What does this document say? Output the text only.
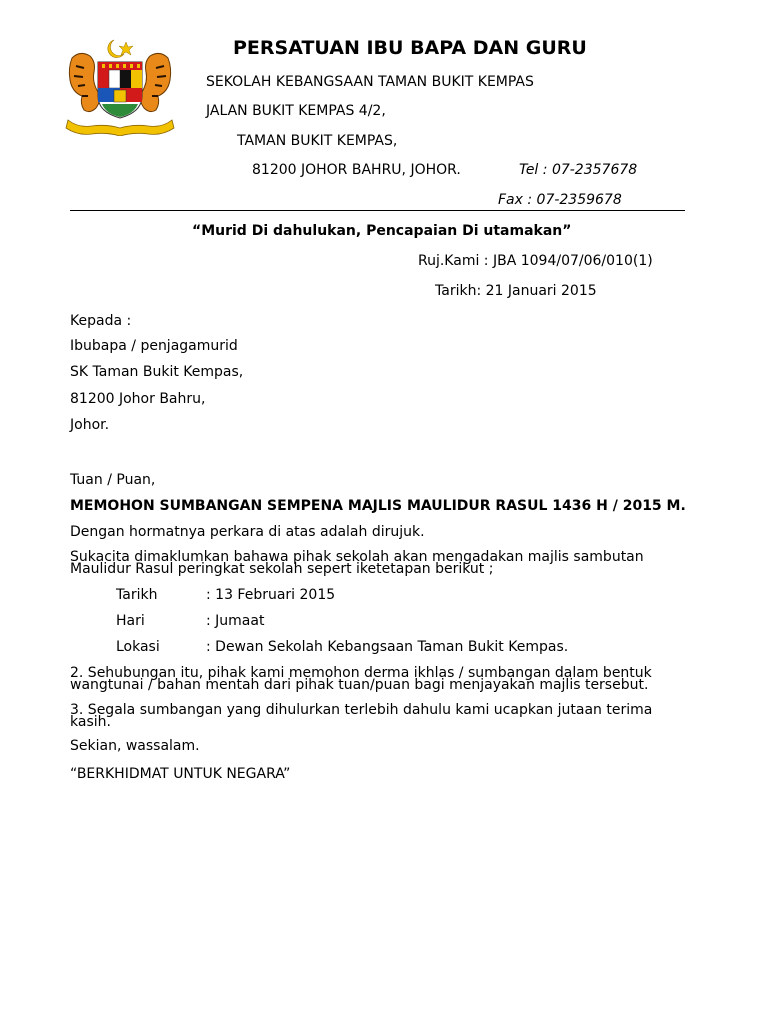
PERSATUAN IBU BAPA DAN GURU
SEKOLAH KEBANGSAAN TAMAN BUKIT KEMPAS
JALAN BUKIT KEMPAS 4/2,
TAMAN BUKIT KEMPAS,
81200 JOHOR BAHRU, JOHOR.	Tel : 07-2357678
Fax : 07-2359678
“Murid Di dahulukan, Pencapaian Di utamakan”
Ruj.Kami : JBA 1094/07/06/010(1)
Tarikh: 21 Januari 2015
Kepada :
Ibubapa / penjagamurid
SK Taman Bukit Kempas,
81200 Johor Bahru,
Johor.
Tuan / Puan,
MEMOHON SUMBANGAN SEMPENA MAJLIS MAULIDUR RASUL 1436 H / 2015 M.
Dengan hormatnya perkara di atas adalah dirujuk.
Sukacita dimaklumkan bahawa pihak sekolah akan mengadakan majlis sambutan
Maulidur Rasul peringkat sekolah sepert iketetapan berikut ;
Tarikh	: 13 Februari 2015
Hari	: Jumaat
Lokasi	: Dewan Sekolah Kebangsaan Taman Bukit Kempas.
2. Sehubungan itu, pihak kami memohon derma ikhlas / sumbangan dalam bentuk
wangtunai / bahan mentah dari pihak tuan/puan bagi menjayakan majlis tersebut.
3. Segala sumbangan yang dihulurkan terlebih dahulu kami ucapkan jutaan terima
kasih.
Sekian, wassalam.
“BERKHIDMAT UNTUK NEGARA”
